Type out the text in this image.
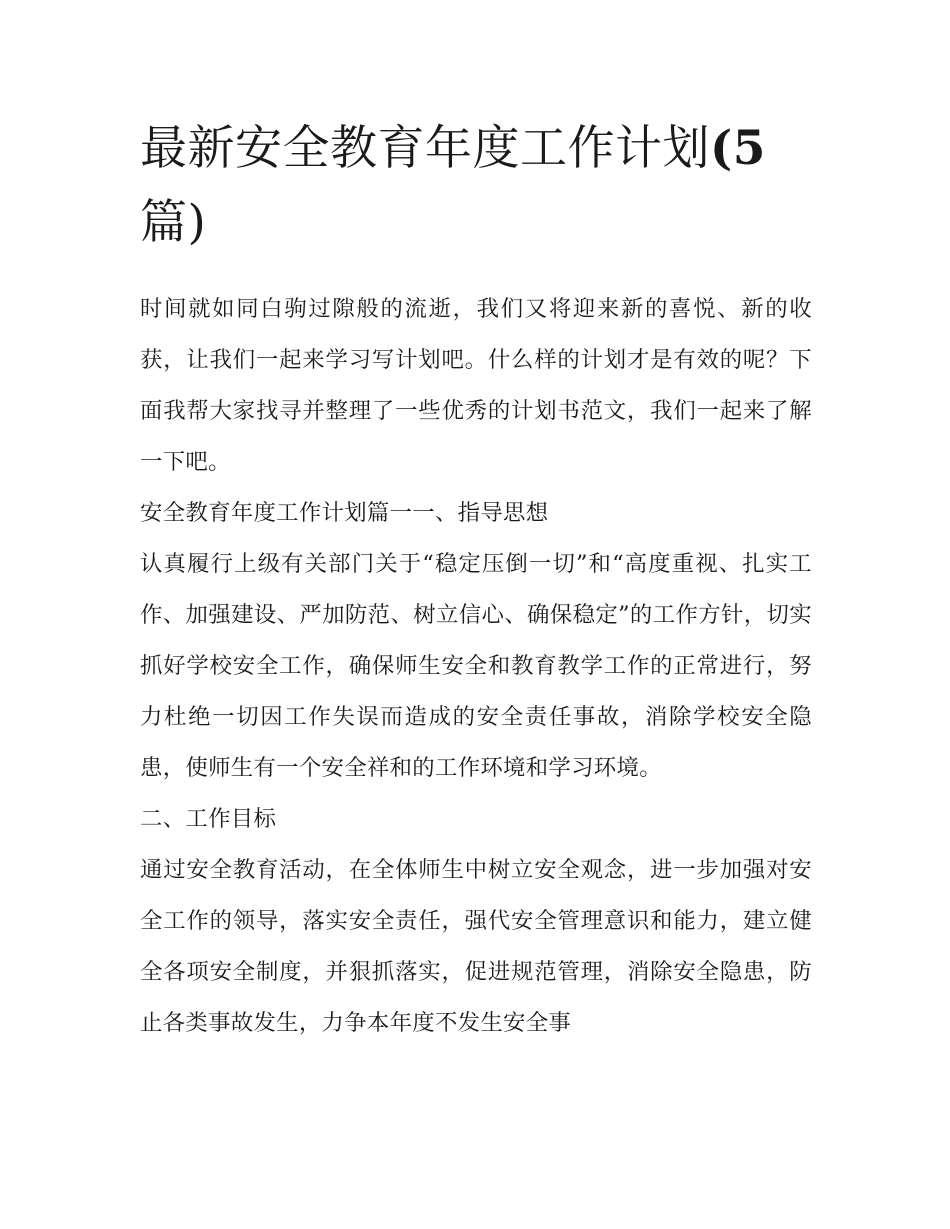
最新安全教育年度工作计划(5
篇)

时间就如同白驹过隙般的流逝，我们又将迎来新的喜悦、新的收获，让我们一起来学习写计划吧。什么样的计划才是有效的呢？下面我帮大家找寻并整理了一些优秀的计划书范文，我们一起来了解一下吧。

安全教育年度工作计划篇一一、指导思想

认真履行上级有关部门关于“稳定压倒一切”和“高度重视、扎实工作、加强建设、严加防范、树立信心、确保稳定”的工作方针，切实抓好学校安全工作，确保师生安全和教育教学工作的正常进行，努力杜绝一切因工作失误而造成的安全责任事故，消除学校安全隐患，使师生有一个安全祥和的工作环境和学习环境。

二、工作目标

通过安全教育活动，在全体师生中树立安全观念，进一步加强对安全工作的领导，落实安全责任，强代安全管理意识和能力，建立健全各项安全制度，并狠抓落实，促进规范管理，消除安全隐患，防止各类事故发生，力争本年度不发生安全事
